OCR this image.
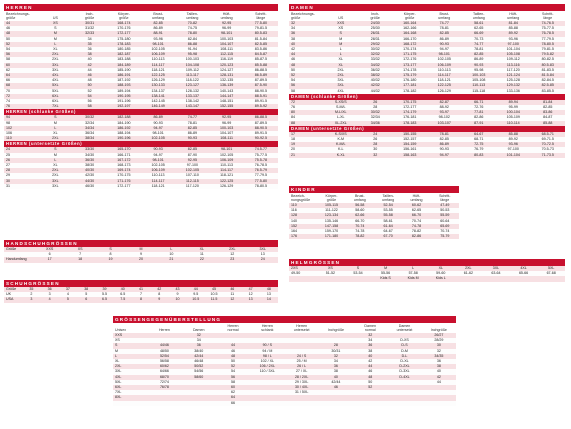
HERREN
Bezeichnungs-
größe	US	Inch-
größe	Körper-
größe	Brust-
umfang	Taillen-
umfang	Hüft-
umfang	Schritt-
länge
44	XS	30/31	168-174	82-85	70-82	92-95	77.5-80
46	S	31/32	170-176	86-89	74-75	96-99	79-81.5
48	M	32/33	172-177	88-91	78-80	98-101	80.5-83
50	M	34	175-180	93-96	82-84	100-103	81.5-84
52	L	35	178-183	98-101	86-88	104-107	82.5-85
54	XL	36	180-185	102-105	91-94	108-111	83.5-86
56	2XL	38	182-187	106-109	95-98	112-115	84.5-87
58	2XL	40	183-188	110-113	100-103	116-119	85-87.5
60	3XL	42	184-189	114-117	104-108	120-123	85.5-88
62	3XL	44	185-190	118-121	109-112	124-127	86-88.5
64	4XL	46	186-191	122-125	113-117	128-131	86.5-89
66	4XL	48	187-192	126-129	118-122	132-135	87-89.5
68	5XL	50	188-193	130-133	123-127	136-139	87.5-90
70	5XL	52	189-194	134-137	128-132	140-143	88-90.5
72	6XL	54	190-195	138-141	133-137	144-147	88.5-91
74	6XL	56	191-196	142-145	138-142	148-151	89-91.5
76	7XL	58	192-197	146-149	143-147	152-155	89.5-92
HERREN (schlanke Größen)
94	S	30/32	182-188	86-89	74-77	92-95	86-88.5
98	M	32/34	184-190	90-93	78-81	96-99	87-89.5
102	L	34/34	186-192	94-97	82-85	100-103	88-90.5
106	XL	36/34	188-194	98-101	86-89	104-107	89-91.5
110	2XL	38/34	190-196	102-105	90-93	108-111	90-92.5
HERREN (untersetzte Größen)
24	S	33/30	165-170	90-93	82-85	98-101	74.5-77
25	M	34/30	166-171	94-97	87-90	102-105	75-77.5
26	L	36/30	167-172	98-101	92-95	106-109	75.5-78
27	XL	38/30	168-173	102-105	97-100	110-113	76-78.5
28	2XL	40/30	169-174	106-109	102-105	114-117	76.5-79
29	2XL	42/30	170-175	110-113	107-110	118-121	77-79.5
30	3XL	44/30	171-176	114-117	112-115	122-125	77.5-80
31	3XL	46/30	172-177	118-121	117-120	126-129	78-80.5
HANDSCHUHGRÖSSEN
Größe	XXS	XS	S	M	L	XL	2XL	3XL
	6	7	8	9	10	11	12	13
Handumfang	17	18	19	20	21	22	23	24
SCHUHGRÖSSEN
Größe	35	36	37	38	39	40	41	42	43	44	45	46	47	48
UK	2	3	4	5	5.5	6.5	7	8	9	9.5	10.5	11	12	13
USA	3	4	5	6	6.5	7.5	8	9	10	10.5	11.5	12	13	14
DAMEN
Bezeichnungs-
größe	US	Inch-
größe	Körper-
größe	Brust-
umfang	Taillen-
umfang	Hüft-
umfang	Schritt-
länge
32	XXS	24/30	160-164	74-77	58-61	81-84	74-76.5
34	XS	25/30	162-166	78-81	62-65	85-88	75-77.5
36	S	26/31	164-168	82-85	66-69	89-92	76-78.5
38	M	28/31	166-170	86-89	70-73	93-96	77-79.5
40	M	29/32	168-172	90-93	74-77	97-100	78-80.5
42	L	30/32	170-174	94-97	78-81	101-104	79-81.5
44	L	32/32	171-175	98-101	82-85	105-108	79.5-82
46	XL	33/32	172-176	102-105	86-89	109-112	80-82.5
48	XL	34/32	173-177	106-109	90-93	113-116	80.5-83
50	2XL	36/32	174-178	110-113	95-98	117-120	81-83.5
52	2XL	38/32	175-179	114-117	100-103	121-124	81.5-84
54	3XL	40/32	176-180	118-121	105-108	125-128	82-84.5
56	3XL	42/32	177-181	122-125	110-113	129-132	82.5-85
58	4XL	44/32	178-182	126-129	115-118	133-136	83-85.5
DAMEN (schlanke Größen)
72	S-XS/S	26	170-175	82-87	66-71	89-94	81-84
76	S-M/L	28	172-177	88-92	72-76	95-99	82-85
80	M-L/XL	30/32	174-179	93-97	77-81	100-104	83-86
84	L-XL	32/34	176-181	98-102	82-86	105-109	84-87
88	XL-2XL	34/36	178-183	103-107	87-91	110-114	85-88
DAMEN (untersetzte Größen)
17	K-S/XS	24	150-155	78-81	64-67	85-88	68.5-71
18	K-M	26	152-157	82-85	68-71	89-92	69-71.5
19	K-M/L	28	154-159	86-89	72-75	93-96	70-72.5
20	K-L	30	156-161	90-93	76-79	97-100	70.5-73
21	K-XL	32	158-163	94-97	80-83	101-104	71-73.5
KINDER
Bezeich-
nungsgröße	Körper-
größe	Brust-
umfang	Taillen-
umfang	Hüft-
umfang	Schritt-
länge
110	105-115	56-58	52-54	60-62	47-49
116	111-122	58-60	53-55	62-65	50-53
128	123-134	62-66	55-58	66-70	55-59
140	135-146	66-70	58-61	70-74	60-64
152	147-158	70-74	61-64	74-78	65-69
164	159-170	74-78	64-67	78-82	70-74
176	171-180	78-82	67-70	82-86	75-79
HELMGRÖSSEN
2XS	XS	S	M	L	XL	2XL	3XL	4XL	5XL
49-50	51-52	53-54	55-56	57-58	59-60	61-62	63-64	65-66	67-68
			Kids S	Kids M	Kids L				
GRÖSSENGEGENÜBERSTELLUNG
Unisex	Herren	Damen	Herren
normal	Herren
schlank	Herren
untersetzt	Inchgröße	Damen
normal	Damen
untersetzt	Inchgröße
XXS		32					32		26/27
XS		34					34	D-XS	28/29
S	44/46	36	44	90 / S		28	36	D-S	30
M	48/50	38/40	46	94 / M		30/31	38	D-M	32
L	52/54	42/44	48	98 / L	24 / S	32	40	D-L	34/35
XL	56/58	46/48	50	102 / XL	25 / M	34	42	D-XL	36
2XL	60/62	50/52	52	106 / 2XL	26 / L	36	44	D-2XL	38
3XL	64/66	54/56	54	110 / 3XL	27 / XL	38	46	D-3XL	40
4XL	68/70	58/60	56		28 / 2XL	40	48	D-4XL	42
5XL	72/74		58		29 / 3XL	42/44	50		44
6XL	76/78		60		30 / 4XL	46	52		
7XL			62		31 / 5XL				
8XL			64						
			66						
